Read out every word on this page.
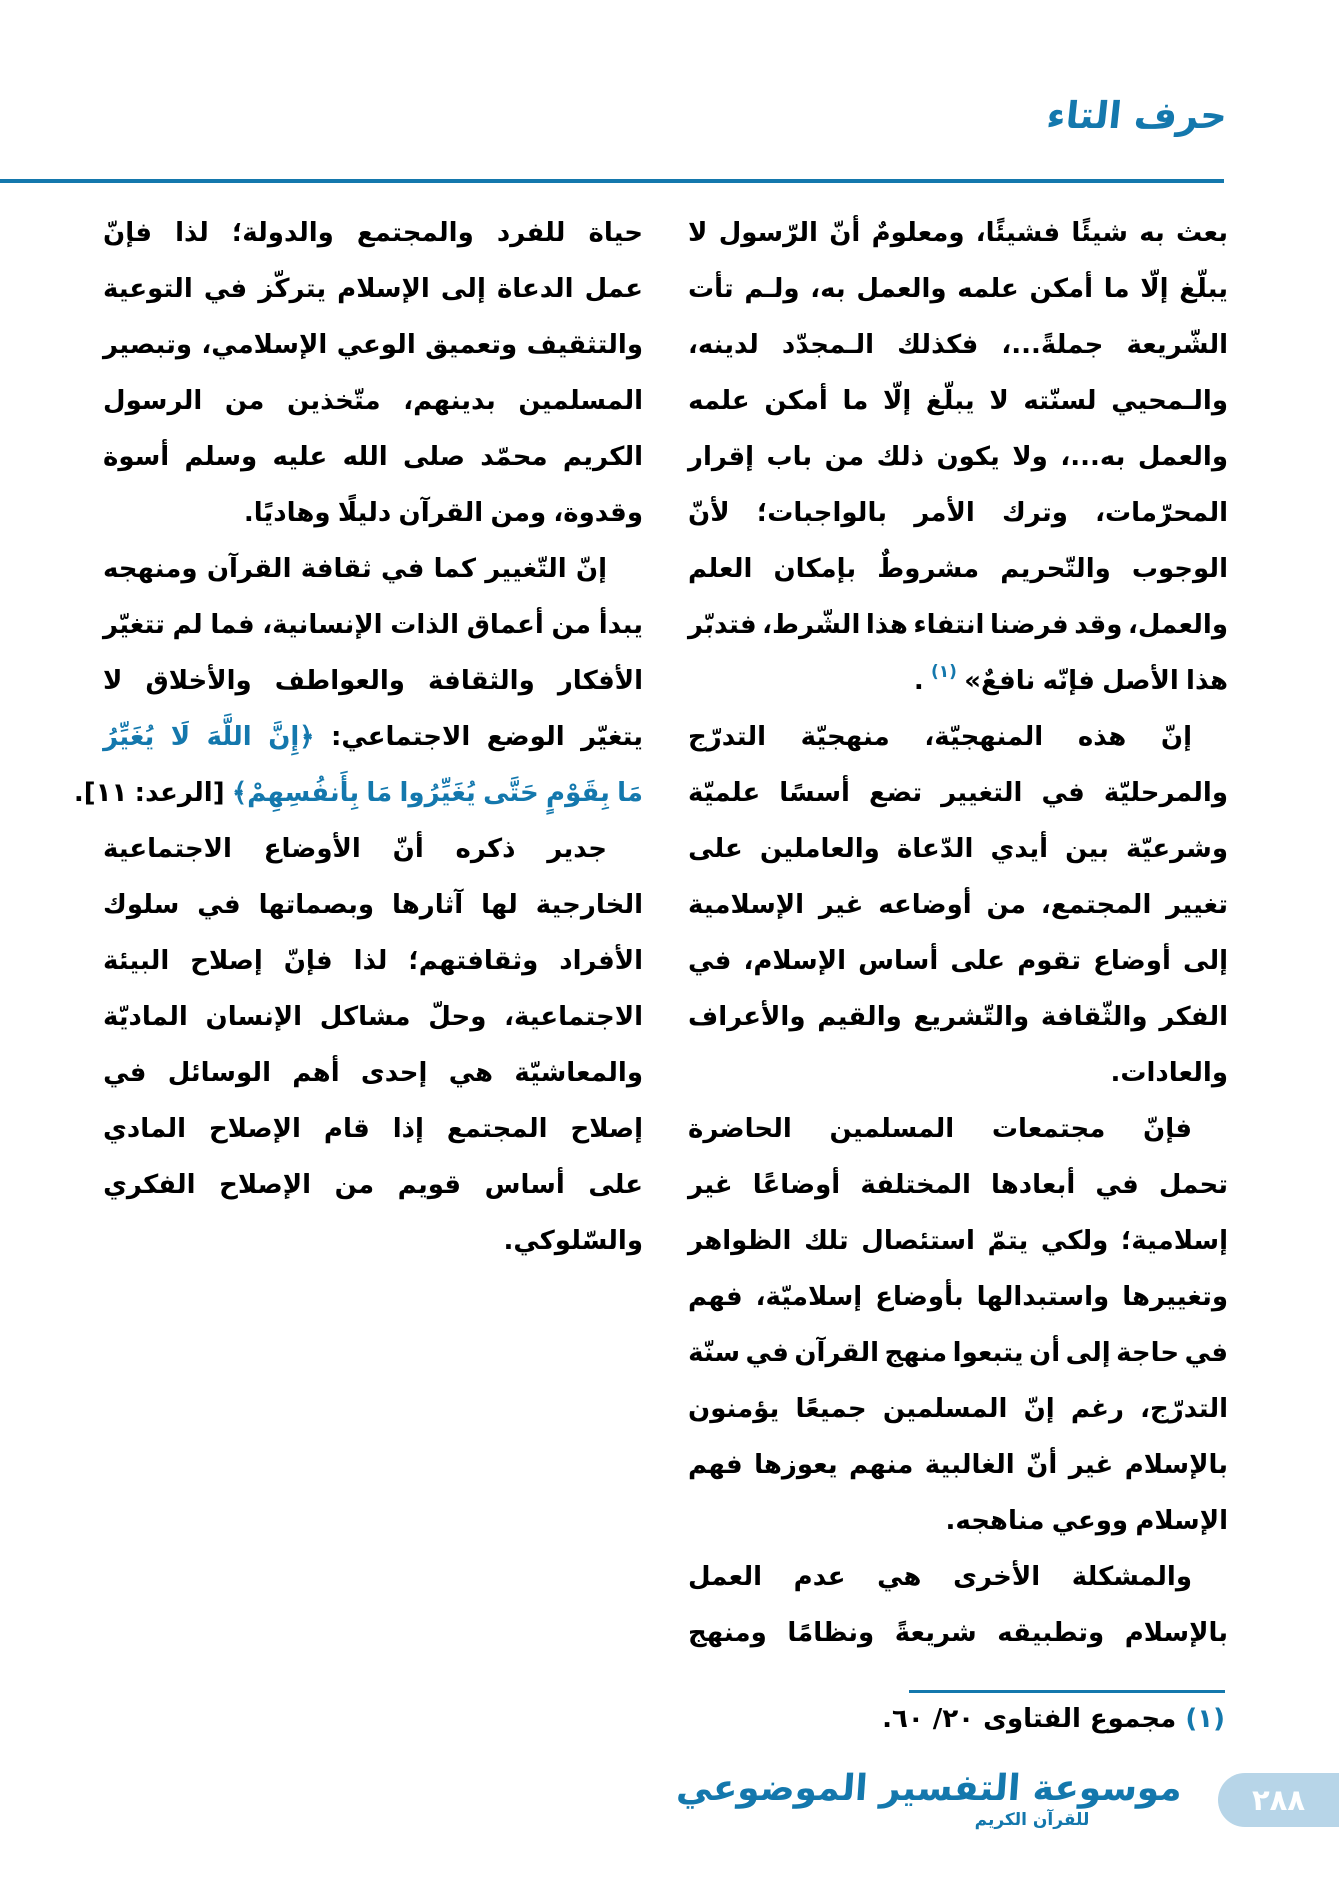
حرف التاء
بعث
به
شيئًا
فشيئًا،
ومعلومٌ
أنّ
الرّسول
لا
يبلّغ
إلّا
ما
أمكن
علمه
والعمل
به،
ولـم
تأت
الشّريعة
جملةً...،
فكذلك
الـمجدّد
لدينه،
والـمحيي
لسنّته
لا
يبلّغ
إلّا
ما
أمكن
علمه
والعمل
به...،
ولا
يكون
ذلك
من
باب
إقرار
المحرّمات،
وترك
الأمر
بالواجبات؛
لأنّ
الوجوب
والتّحريم
مشروطٌ
بإمكان
العلم
والعمل،
وقد
فرضنا
انتفاء
هذا
الشّرط،
فتدبّر
هذا
الأصل
فإنّه
نافعٌ»
(١)
.
إنّ
هذه
المنهجيّة،
منهجيّة
التدرّج
والمرحليّة
في
التغيير
تضع
أسسًا
علميّة
وشرعيّة
بين
أيدي
الدّعاة
والعاملين
على
تغيير
المجتمع،
من
أوضاعه
غير
الإسلامية
إلى
أوضاع
تقوم
على
أساس
الإسلام،
في
الفكر
والثّقافة
والتّشريع
والقيم
والأعراف
والعادات.
فإنّ
مجتمعات
المسلمين
الحاضرة
تحمل
في
أبعادها
المختلفة
أوضاعًا
غير
إسلامية؛
ولكي
يتمّ
استئصال
تلك
الظواهر
وتغييرها
واستبدالها
بأوضاع
إسلاميّة،
فهم
في
حاجة
إلى
أن
يتبعوا
منهج
القرآن
في
سنّة
التدرّج،
رغم
إنّ
المسلمين
جميعًا
يؤمنون
بالإسلام
غير
أنّ
الغالبية
منهم
يعوزها
فهم
الإسلام
ووعي
مناهجه.
والمشكلة
الأخرى
هي
عدم
العمل
بالإسلام
وتطبيقه
شريعةً
ونظامًا
ومنهج
حياة
للفرد
والمجتمع
والدولة؛
لذا
فإنّ
عمل
الدعاة
إلى
الإسلام
يتركّز
في
التوعية
والتثقيف
وتعميق
الوعي
الإسلامي،
وتبصير
المسلمين
بدينهم،
متّخذين
من
الرسول
الكريم
محمّد
صلى
الله
عليه
وسلم
أسوة
وقدوة،
ومن
القرآن
دليلًا
وهاديًا.
إنّ
التّغيير
كما
في
ثقافة
القرآن
ومنهجه
يبدأ
من
أعماق
الذات
الإنسانية،
فما
لم
تتغيّر
الأفكار
والثقافة
والعواطف
والأخلاق
لا
يتغيّر
الوضع
الاجتماعي:
﴿إِنَّ
اللَّهَ
لَا
يُغَيِّرُ
مَا
بِقَوْمٍ
حَتَّى
يُغَيِّرُوا
مَا
بِأَنفُسِهِمْ﴾
[الرعد:
١١].
جدير
ذكره
أنّ
الأوضاع
الاجتماعية
الخارجية
لها
آثارها
وبصماتها
في
سلوك
الأفراد
وثقافتهم؛
لذا
فإنّ
إصلاح
البيئة
الاجتماعية،
وحلّ
مشاكل
الإنسان
الماديّة
والمعاشيّة
هي
إحدى
أهم
الوسائل
في
إصلاح
المجتمع
إذا
قام
الإصلاح
المادي
على
أساس
قويم
من
الإصلاح
الفكري
والسّلوكي.
(١)
مجموع الفتاوى ٢٠/ ٦٠.
موسوعة التفسير الموضوعي
للقرآن الكريم
٢٨٨
